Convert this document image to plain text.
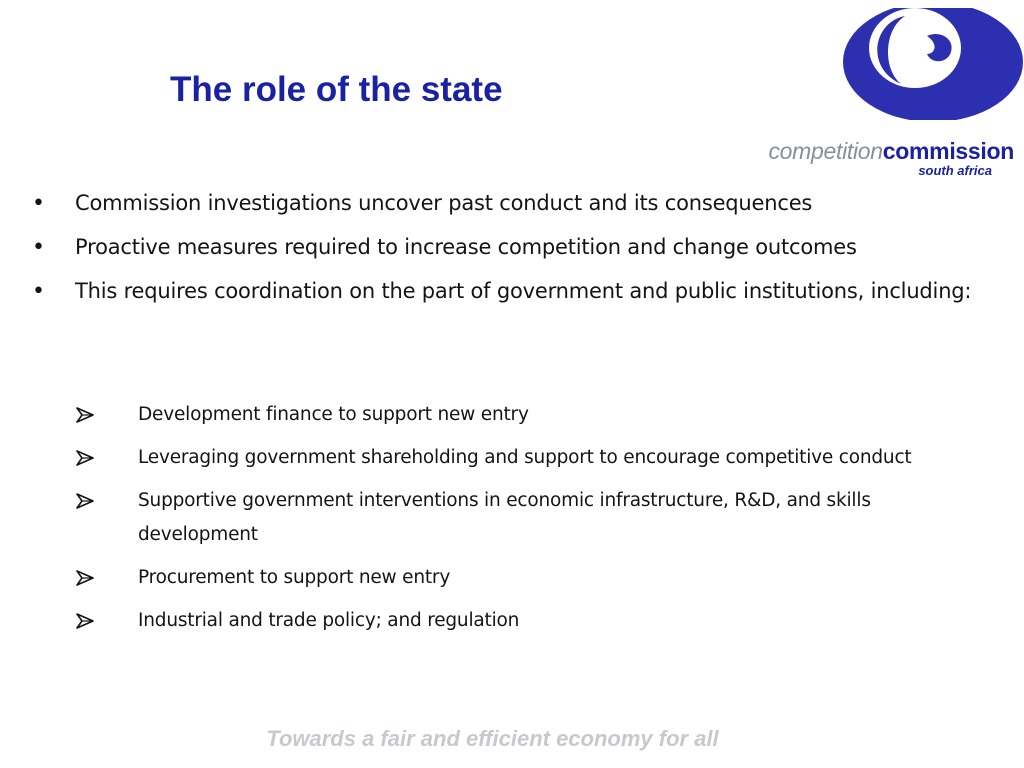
The role of the state
competitioncommission
south africa
• Commission investigations uncover past conduct and its consequences
• Proactive measures required to increase competition and change outcomes
• This requires coordination on the part of government and public institutions, including:
Development finance to support new entry
Leveraging government shareholding and support to encourage competitive conduct
Supportive government interventions in economic infrastructure, R&D, and skills development
Procurement to support new entry
Industrial and trade policy; and regulation
Towards a fair and efficient economy for all
